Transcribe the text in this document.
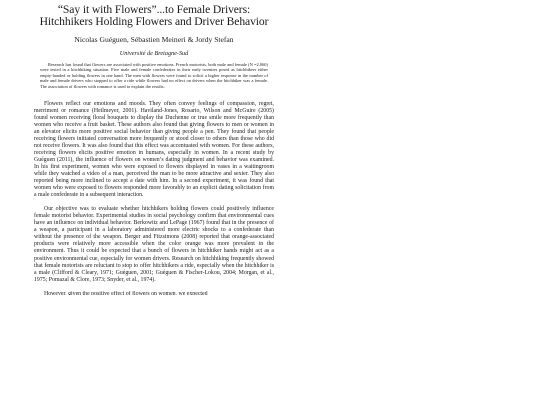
“Say it with Flowers”...to Female Drivers: Hitchhikers Holding Flowers and Driver Behavior
Nicolas Guéguen, Sébastien Meineri & Jordy Stefan
Université de Bretagne-Sud

Research has found that flowers are associated with positive emotions. French motorists, both male and female (N =2,060) were tested in a hitchhiking situation. Five male and female confederates in their early twenties posed as hitchhikers either empty-handed or holding flowers in one hand. The men with flowers were found to solicit a higher response in the number of male and female drivers who stopped to offer a ride while flowers had no effect on drivers when the hitchhiker was a female. The association of flowers with romance is used to explain the results.

Flowers reflect our emotions and moods. They often convey feelings of compassion, regret, merriment or romance (Heilmeyer, 2001). Haviland-Jones, Rosario, Wilson and McGuire (2005) found women receiving floral bouquets to display the Duchenne or true smile more frequently than women who receive a fruit basket. These authors also found that giving flowers to men or women in an elevator elicits more positive social behavior than giving people a pen. They found that people receiving flowers initiated conversation more frequently or stood closer to others than those who did not receive flowers. It was also found that this effect was accentuated with women. For these authors, receiving flowers elicits positive emotion in humans, especially in women. In a recent study by Guéguen (2011), the influence of flowers on women’s dating judgment and behavior was examined. In his first experiment, women who were exposed to flowers displayed in vases in a waitingroom while they watched a video of a man, perceived the man to be more attractive and sexier. They also reported being more inclined to accept a date with him. In a second experiment, it was found that women who were exposed to flowers responded more favorably to an explicit dating solicitation from a male confederate in a subsequent interaction.

Our objective was to evaluate whether hitchhikers holding flowers could positively influence female motorist behavior. Experimental studies in social psychology confirm that environmental cues have an influence on individual behavior. Berkowitz and LePage (1967) found that in the presence of a weapon, a participant in a laboratory administered more electric shocks to a confederate than without the presence of the weapon. Berger and Fitzsimons (2008) reported that orange-associated products were relatively more accessible when the color orange was more prevalent in the environment. Thus it could be expected that a bunch of flowers in hitchhiker hands might act as a positive environmental cue, especially for women drivers. Research on hitchhiking frequently showed that female motorists are reluctant to stop to offer hitchhikers a ride, especially when the hitchhiker is a male (Clifford & Cleary, 1971; Guéguen, 2001; Guéguen & Fischer-Lokou, 2004; Morgan, et al., 1975; Pomazal & Clore, 1973; Snyder, et al., 1974).

However, given the positive effect of flowers on women, we expected
